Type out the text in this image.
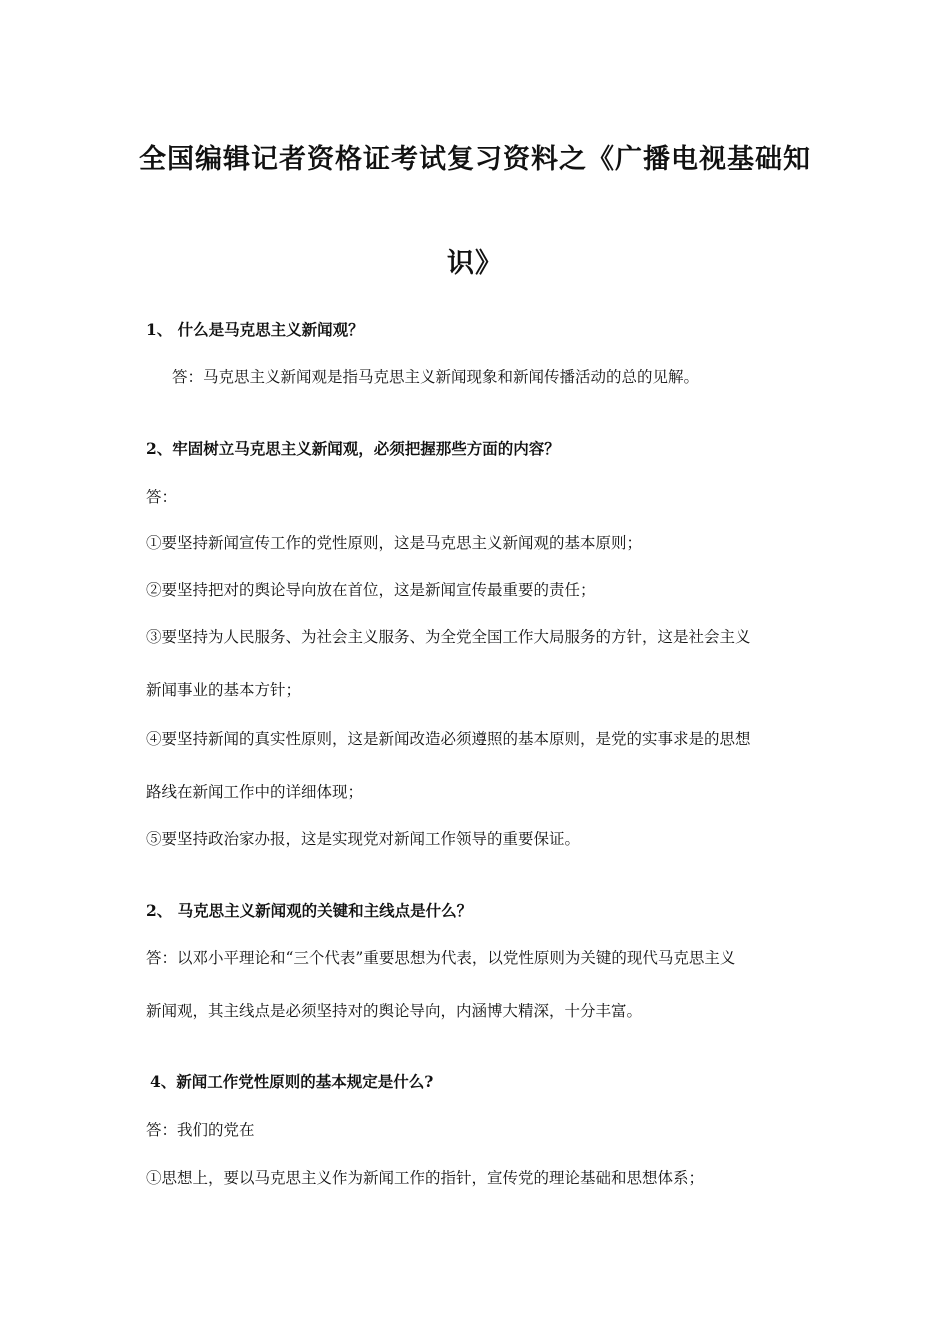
全国编辑记者资格证考试复习资料之《广播电视基础知
识》
1、 什么是马克思主义新闻观？
答：马克思主义新闻观是指马克思主义新闻现象和新闻传播活动的总的见解。
2、牢固树立马克思主义新闻观，必须把握那些方面的内容？
答：
①要坚持新闻宣传工作的党性原则，这是马克思主义新闻观的基本原则；
②要坚持把对的舆论导向放在首位，这是新闻宣传最重要的责任；
③要坚持为人民服务、为社会主义服务、为全党全国工作大局服务的方针，这是社会主义
新闻事业的基本方针；
④要坚持新闻的真实性原则，这是新闻改造必须遵照的基本原则，是党的实事求是的思想
路线在新闻工作中的详细体现；
⑤要坚持政治家办报，这是实现党对新闻工作领导的重要保证。
2、 马克思主义新闻观的关键和主线点是什么？
答：以邓小平理论和“三个代表”重要思想为代表，以党性原则为关键的现代马克思主义
新闻观，其主线点是必须坚持对的舆论导向，内涵博大精深，十分丰富。
4、新闻工作党性原则的基本规定是什么?
答：我们的党在
①思想上，要以马克思主义作为新闻工作的指针，宣传党的理论基础和思想体系；
